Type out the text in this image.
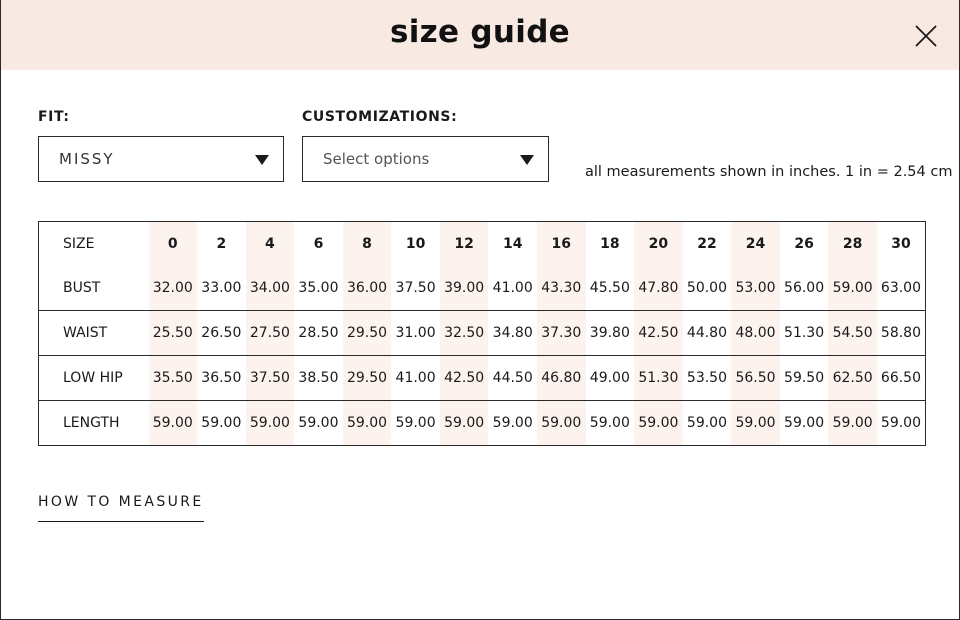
size guide
FIT:
MISSY
CUSTOMIZATIONS:
Select options
all measurements shown in inches. 1 in = 2.54 cm
SIZE	0	2	4	6	8	10	12	14	16	18	20	22	24	26	28	30
BUST	32.00	33.00	34.00	35.00	36.00	37.50	39.00	41.00	43.30	45.50	47.80	50.00	53.00	56.00	59.00	63.00
WAIST	25.50	26.50	27.50	28.50	29.50	31.00	32.50	34.80	37.30	39.80	42.50	44.80	48.00	51.30	54.50	58.80
LOW HIP	35.50	36.50	37.50	38.50	29.50	41.00	42.50	44.50	46.80	49.00	51.30	53.50	56.50	59.50	62.50	66.50
LENGTH	59.00	59.00	59.00	59.00	59.00	59.00	59.00	59.00	59.00	59.00	59.00	59.00	59.00	59.00	59.00	59.00
HOW TO MEASURE
